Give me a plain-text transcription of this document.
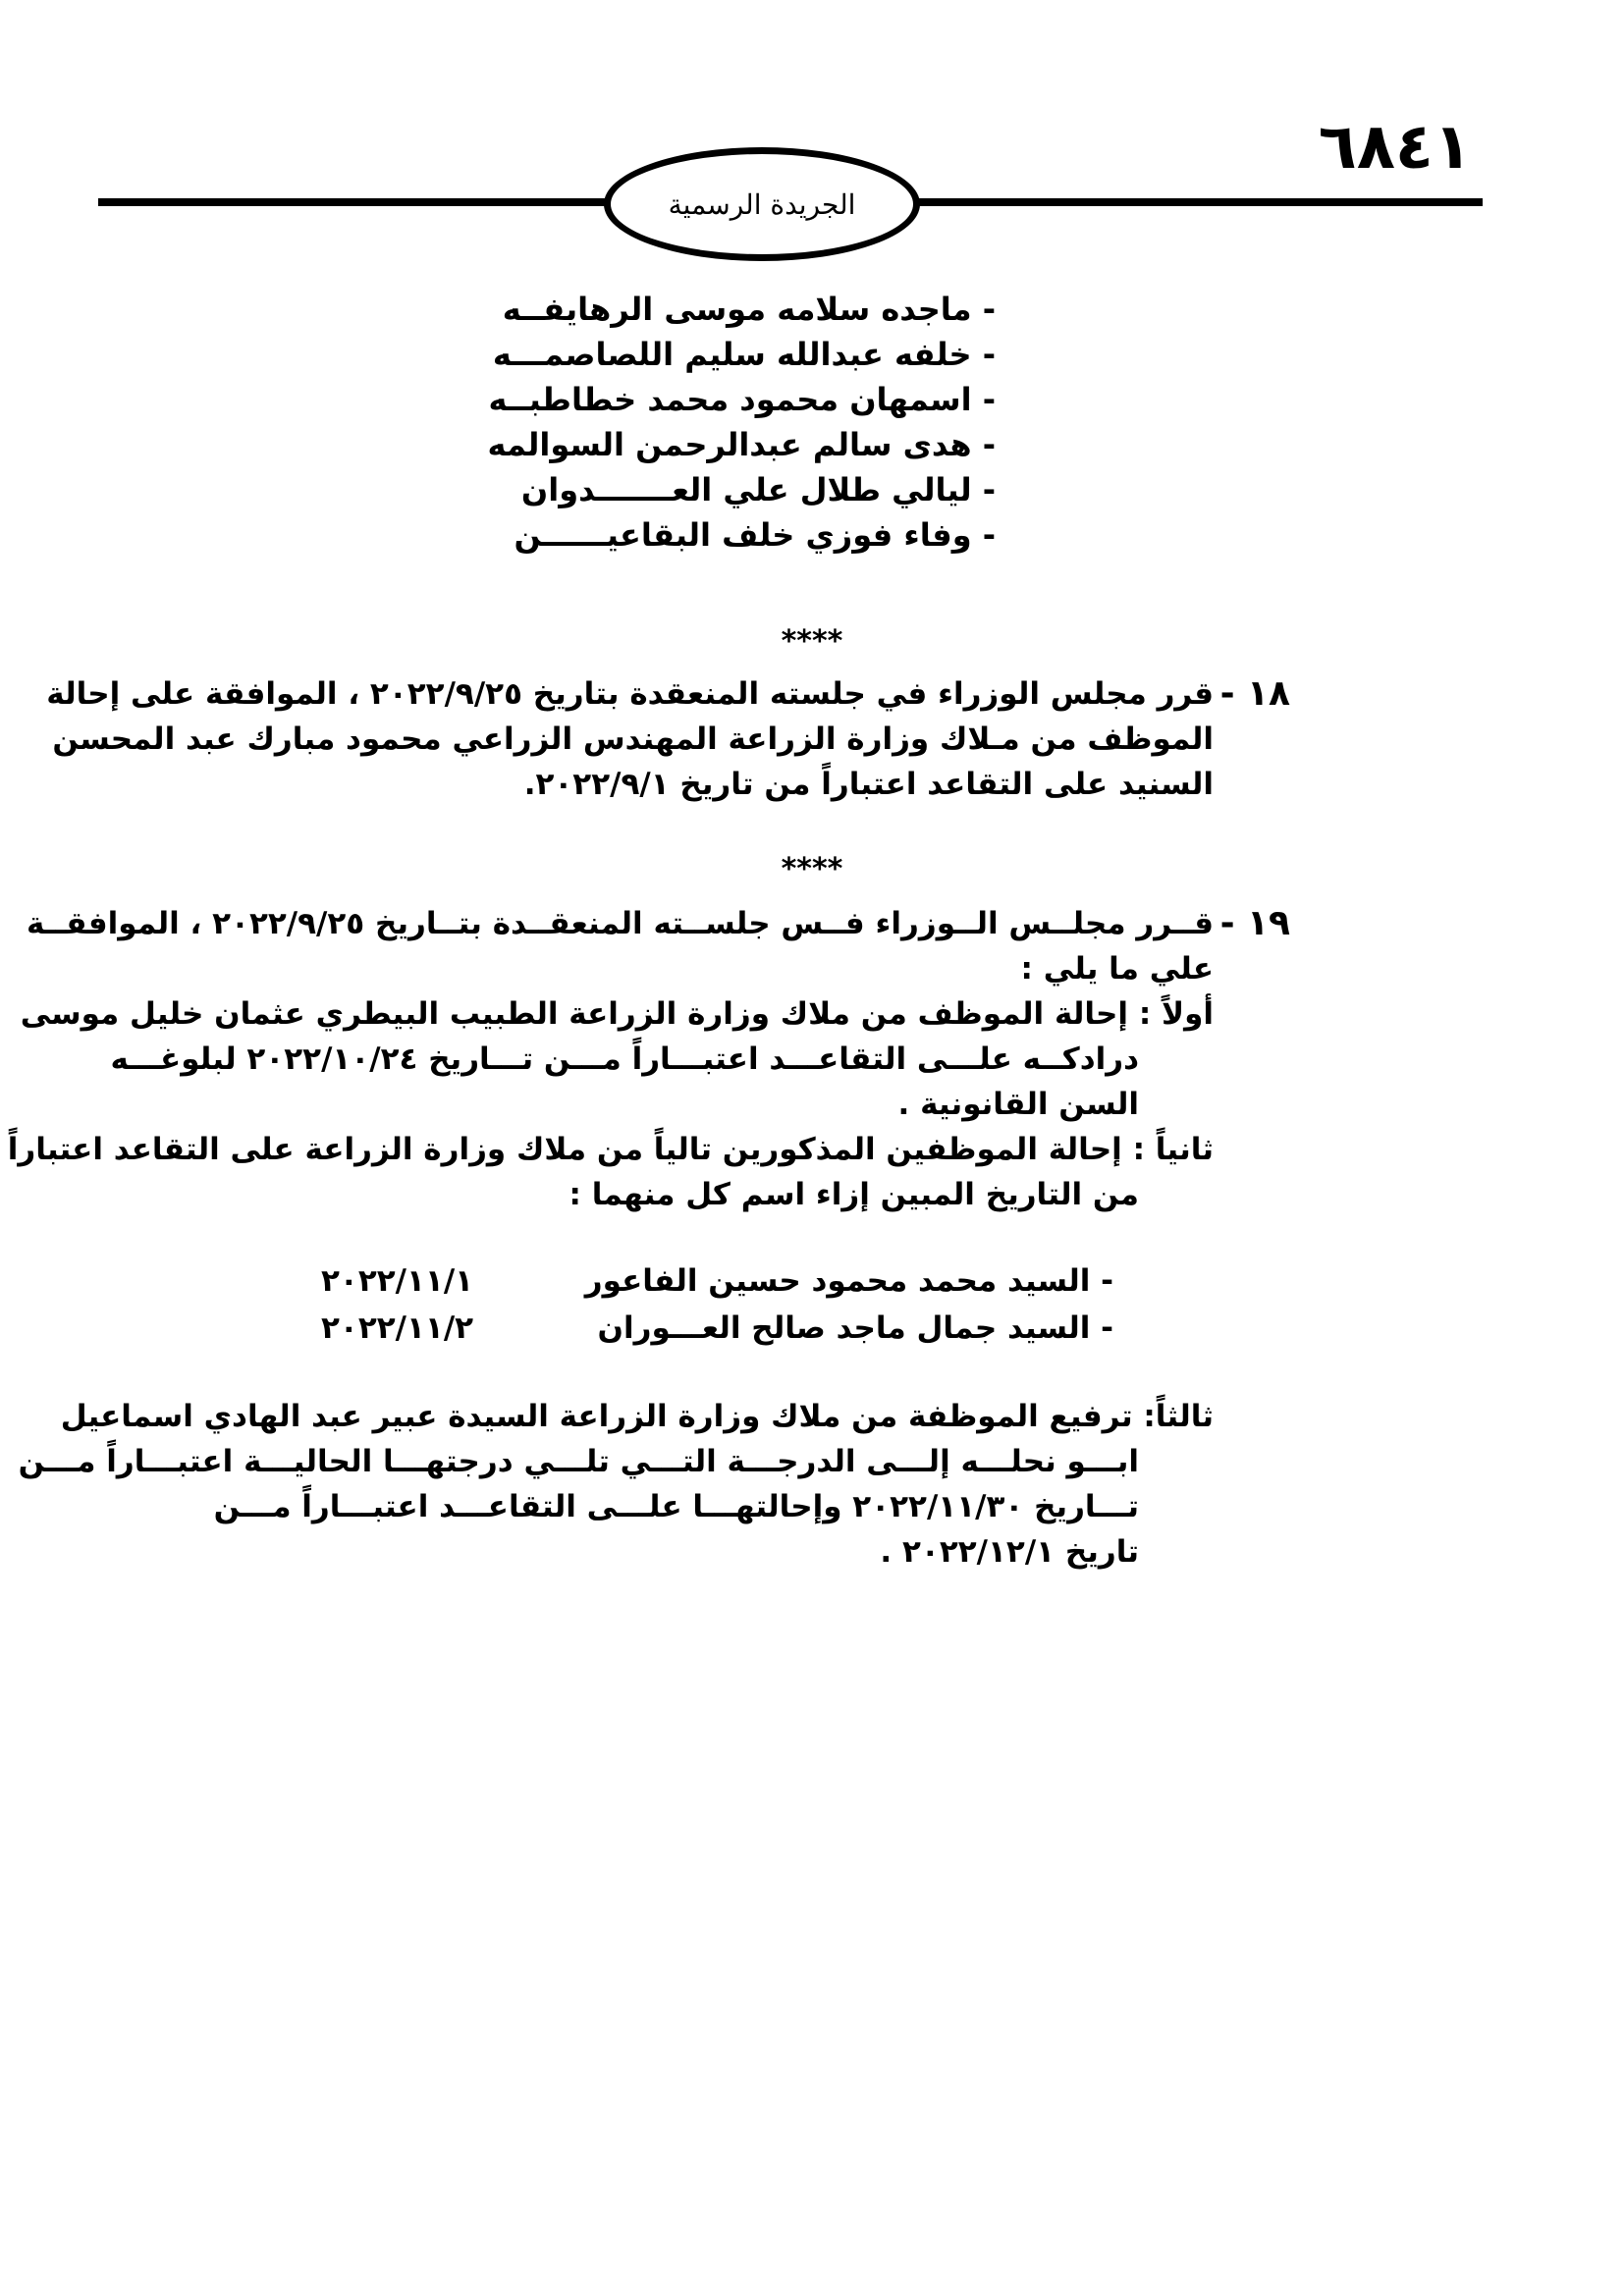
٦٨٤١
الجريدة الرسمية
- ماجده سلامه موسى الرهايفــه
- خلفه عبدالله سليم اللصاصمـــه
- اسمهان محمود محمد خطاطبــه
- هدى سالم عبدالرحمن السوالمه
- ليالي طلال علي العـــــــدوان
- وفاء فوزي خلف البقاعيــــــن
****
١٨ -
قرر مجلس الوزراء في جلسته المنعقدة بتاريخ ٢٠٢٢/٩/٢٥ ، الموافقة على إحالة
الموظف من مـلاك وزارة الزراعة المهندس الزراعي محمود مبارك عبد المحسن
السنيد على التقاعد اعتباراً من تاريخ ٢٠٢٢/٩/١.
****
١٩ -
قــرر مجلــس الــوزراء فــس جلســته المنعقــدة بتــاريخ ٢٠٢٢/٩/٢٥ ، الموافقــة
علي ما يلي :
أولاً : إحالة الموظف من ملاك وزارة الزراعة الطبيب البيطري عثمان خليل موسى
درادكــه علـــى التقاعـــد اعتبـــاراً مـــن تـــاريخ ٢٠٢٢/١٠/٢٤ لبلوغـــه
السن القانونية .
ثانياً : إحالة الموظفين المذكورين تالياً من ملاك وزارة الزراعة على التقاعد اعتباراً
من التاريخ المبين إزاء اسم كل منهما :
- السيد محمد محمود حسين الفاعور
٢٠٢٢/١١/١
- السيد جمال ماجد صالح العـــوران
٢٠٢٢/١١/٢
ثالثاً: ترفيع الموظفة من ملاك وزارة الزراعة السيدة عبير عبد الهادي اسماعيل
ابـــو نحلـــه إلـــى الدرجـــة التـــي تلـــي درجتهـــا الحاليـــة اعتبـــاراً مـــن
تـــاريخ ٢٠٢٢/١١/٣٠ وإحالتهـــا علـــى التقاعـــد اعتبـــاراً مـــن
تاريخ ٢٠٢٢/١٢/١ .
